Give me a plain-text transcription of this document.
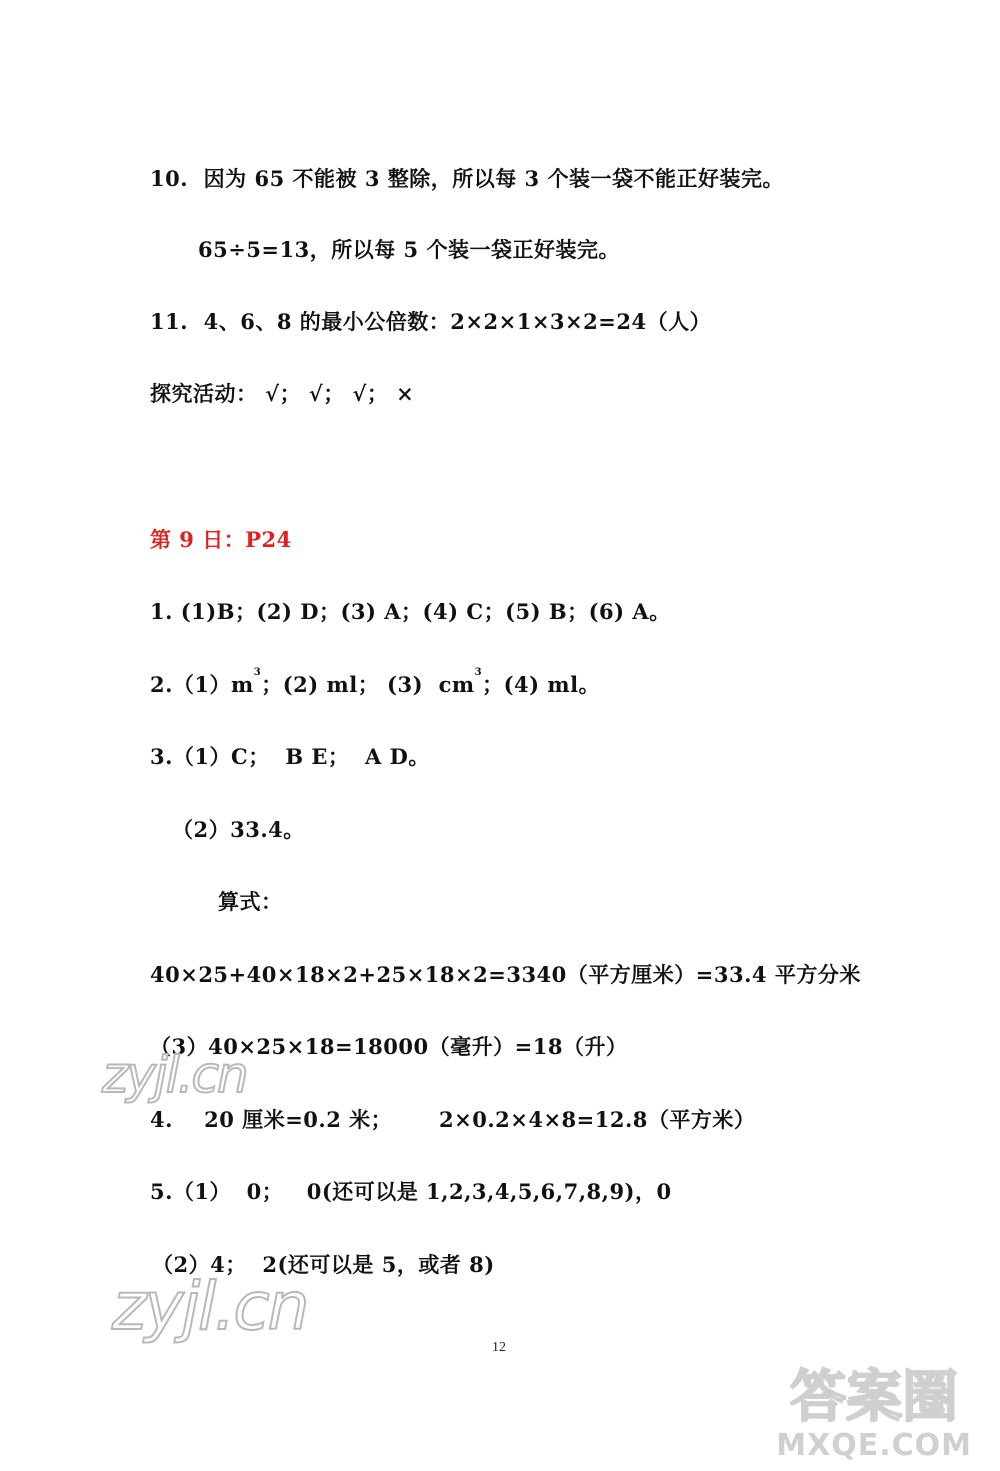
10.  因为 65 不能被 3 整除，所以每 3 个装一袋不能正好装完。
65÷5=13，所以每 5 个装一袋正好装完。
11.  4、6、8 的最小公倍数：2×2×1×3×2=24（人）
探究活动： √； √； √； ×
第 9 日：P24
1. (1)B；(2) D；(3) A；(4) C；(5) B；(6) A。
$2.(1)m^3$；(2) ml； (3)  $cm^3$；(4) ml。
3.（1）C；  B E；  A D。
（2）33.4。
算式：
40×25+40×18×2+25×18×2=3340（平方厘米）=33.4 平方分米
（3）40×25×18=18000（毫升）=18（升）
4.    20 厘米=0.2 米；      2×0.2×4×8=12.8（平方米）
5.（1）  0；   0(还可以是 1,2,3,4,5,6,7,8,9)，0
（2）4；  2(还可以是 5，或者 8)
zyjl.cn
zyjl.cn
12
答案圈
MXQE.COM
